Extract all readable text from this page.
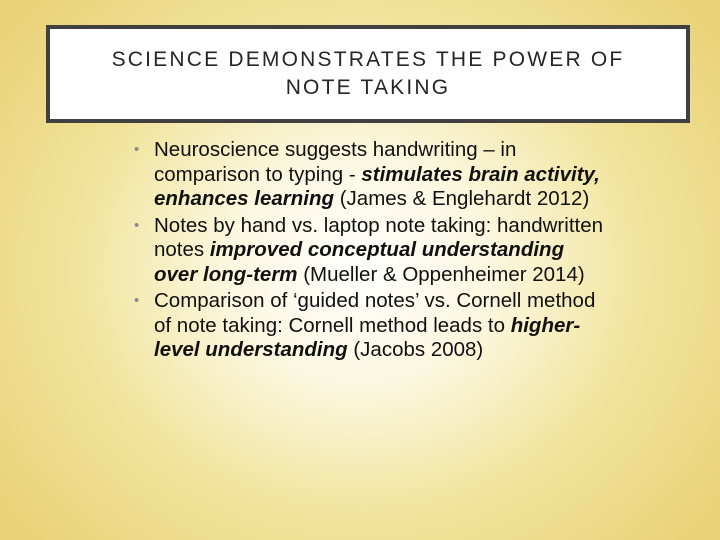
SCIENCE DEMONSTRATES THE POWER OF
NOTE TAKING
• Neuroscience suggests handwriting – in comparison to typing - stimulates brain activity, enhances learning (James & Englehardt 2012)
• Notes by hand vs. laptop note taking: handwritten notes improved conceptual understanding over long-term (Mueller & Oppenheimer 2014)
• Comparison of ‘guided notes’ vs. Cornell method of note taking: Cornell method leads to higher-level understanding (Jacobs 2008)
